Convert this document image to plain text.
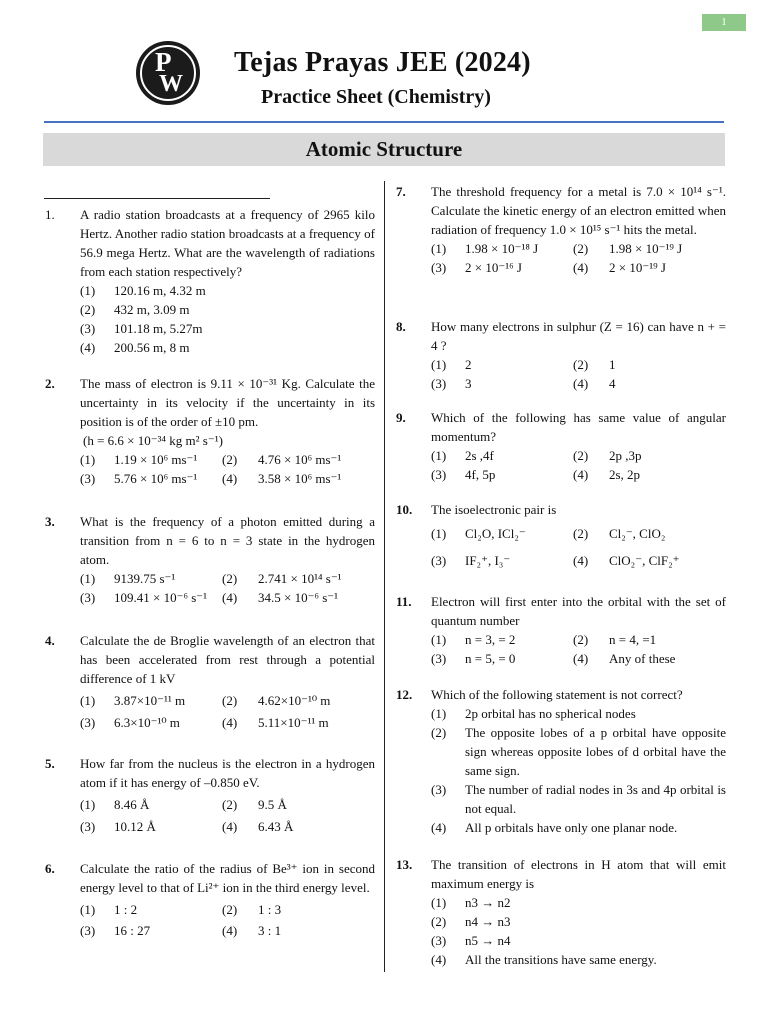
1
P
W
Tejas Prayas JEE (2024)
Practice Sheet (Chemistry)
Atomic Structure
1. A radio station broadcasts at a frequency of 2965 kilo Hertz. Another radio station broadcasts at a frequency of 56.9 mega Hertz. What are the wavelength of radiations from each station respectively?

(1)	120.16 m, 4.32 m
(2)	432 m, 3.09 m
(3)	101.18 m, 5.27m
(4)	200.56 m, 8 m
2. The mass of electron is 9.11 × 10⁻³¹ Kg. Calculate the uncertainty in its velocity if the uncertainty in its position is of the order of ±10 pm.

(h = 6.6 × 10⁻³⁴ kg m² s⁻¹)

(1)	1.19 × 10⁶ ms⁻¹	(2)	4.76 × 10⁶ ms⁻¹
(3)	5.76 × 10⁶ ms⁻¹	(4)	3.58 × 10⁶ ms⁻¹
3. What is the frequency of a photon emitted during a transition from n = 6 to n = 3 state in the hydrogen atom.

(1)	9139.75 s⁻¹	(2)	2.741 × 10¹⁴ s⁻¹
(3)	109.41 × 10⁻⁶ s⁻¹	(4)	34.5 × 10⁻⁶ s⁻¹
4. Calculate the de Broglie wavelength of an electron that has been accelerated from rest through a potential difference of 1 kV

(1)	3.87×10⁻¹¹ m	(2)	4.62×10⁻¹⁰ m
(3)	6.3×10⁻¹⁰ m	(4)	5.11×10⁻¹¹ m
5. How far from the nucleus is the electron in a hydrogen atom if it has energy of –0.850 eV.

(1)	8.46 Å	(2)	9.5 Å
(3)	10.12 Å	(4)	6.43 Å
6. Calculate the ratio of the radius of Be³⁺ ion in second energy level to that of Li²⁺ ion in the third energy level.

(1)	1 : 2	(2)	1 : 3
(3)	16 : 27	(4)	3 : 1
7. The threshold frequency for a metal is 7.0 × 10¹⁴ s⁻¹. Calculate the kinetic energy of an electron emitted when radiation of frequency 1.0 × 10¹⁵ s⁻¹ hits the metal.

(1)	1.98 × 10⁻¹⁸ J	(2)	1.98 × 10⁻¹⁹ J
(3)	2 × 10⁻¹⁶ J	(4)	2 × 10⁻¹⁹ J
8. How many electrons in sulphur (Z = 16) can have n + = 4 ?

(1)	2	(2)	1
(3)	3	(4)	4
9. Which of the following has same value of angular momentum?

(1)	2s ,4f	(2)	2p ,3p
(3)	4f, 5p	(4)	2s, 2p
10. The isoelectronic pair is

(1)	Cl₂O, ICl₂⁻	(2)	Cl₂⁻, ClO₂
(3)	IF₂⁺, I₃⁻	(4)	ClO₂⁻, ClF₂⁺
11. Electron will first enter into the orbital with the set of quantum number

(1)	n = 3, = 2	(2)	n = 4, =1
(3)	n = 5, = 0	(4)	Any of these
12. Which of the following statement is not correct?

(1)	2p orbital has no spherical nodes
(2)	The opposite lobes of a p orbital have opposite sign whereas opposite lobes of d orbital have the same sign.
(3)	The number of radial nodes in 3s and 4p orbital is not equal.
(4)	All p orbitals have only one planar node.
13. The transition of electrons in H atom that will emit maximum energy is

(1)	n3 → n2
(2)	n4 → n3
(3)	n5 → n4
(4)	All the transitions have same energy.
